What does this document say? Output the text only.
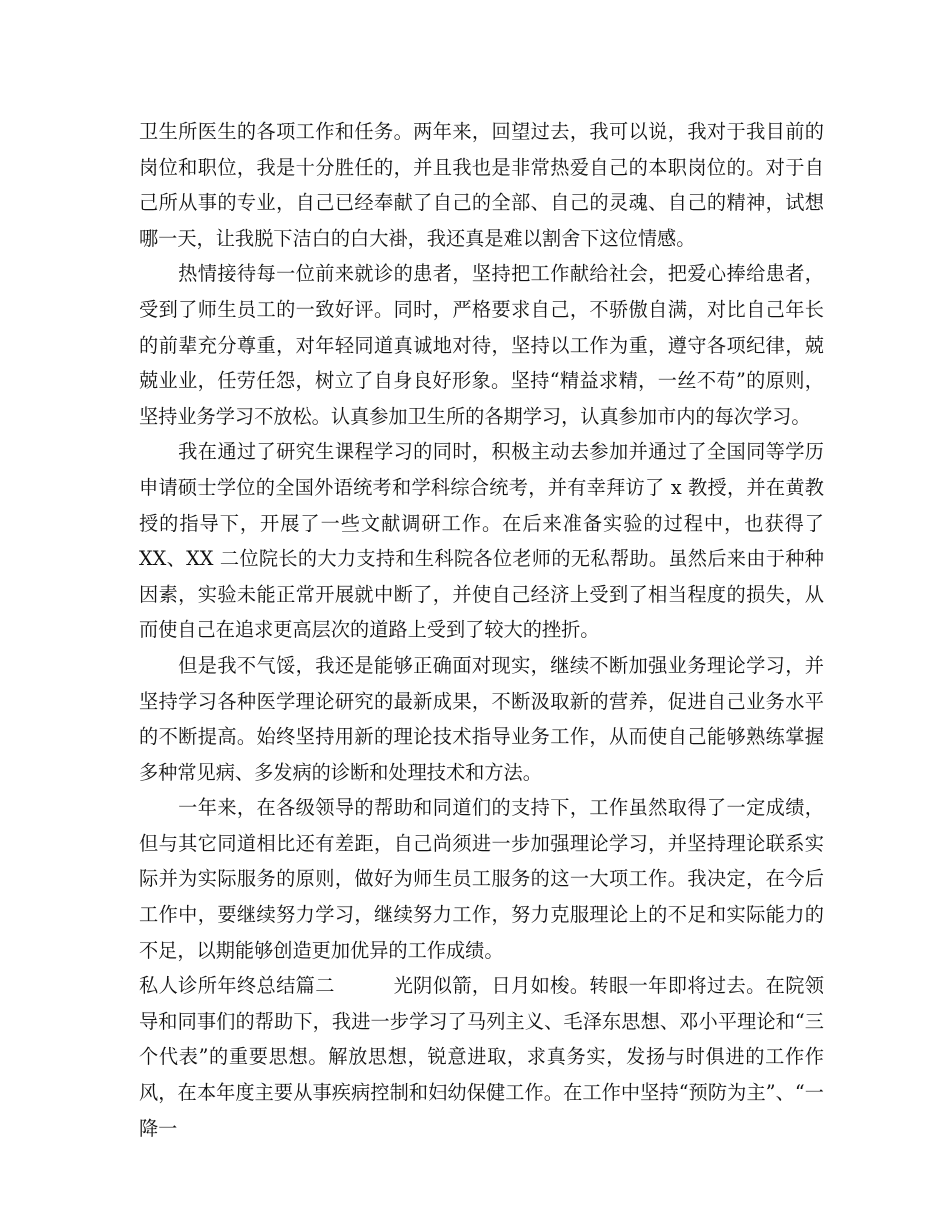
卫生所医生的各项工作和任务。两年来，回望过去，我可以说，我对于我目前的岗位和职位，我是十分胜任的，并且我也是非常热爱自己的本职岗位的。对于自己所从事的专业，自己已经奉献了自己的全部、自己的灵魂、自己的精神，试想哪一天，让我脱下洁白的白大褂，我还真是难以割舍下这位情感。

　　热情接待每一位前来就诊的患者，坚持把工作献给社会，把爱心捧给患者，受到了师生员工的一致好评。同时，严格要求自己，不骄傲自满，对比自己年长的前辈充分尊重，对年轻同道真诚地对待，坚持以工作为重，遵守各项纪律，兢兢业业，任劳任怨，树立了自身良好形象。坚持“精益求精，一丝不苟”的原则，坚持业务学习不放松。认真参加卫生所的各期学习，认真参加市内的每次学习。

　　我在通过了研究生课程学习的同时，积极主动去参加并通过了全国同等学历申请硕士学位的全国外语统考和学科综合统考，并有幸拜访了 x 教授，并在黄教授的指导下，开展了一些文献调研工作。在后来准备实验的过程中，也获得了 XX、XX 二位院长的大力支持和生科院各位老师的无私帮助。虽然后来由于种种因素，实验未能正常开展就中断了，并使自己经济上受到了相当程度的损失，从而使自己在追求更高层次的道路上受到了较大的挫折。

　　但是我不气馁，我还是能够正确面对现实，继续不断加强业务理论学习，并坚持学习各种医学理论研究的最新成果，不断汲取新的营养，促进自己业务水平的不断提高。始终坚持用新的理论技术指导业务工作，从而使自己能够熟练掌握多种常见病、多发病的诊断和处理技术和方法。

　　一年来，在各级领导的帮助和同道们的支持下，工作虽然取得了一定成绩，但与其它同道相比还有差距，自己尚须进一步加强理论学习，并坚持理论联系实际并为实际服务的原则，做好为师生员工服务的这一大项工作。我决定，在今后工作中，要继续努力学习，继续努力工作，努力克服理论上的不足和实际能力的不足，以期能够创造更加优异的工作成绩。

私人诊所年终总结篇二　　　光阴似箭，日月如梭。转眼一年即将过去。在院领导和同事们的帮助下，我进一步学习了马列主义、毛泽东思想、邓小平理论和“三个代表”的重要思想。解放思想，锐意进取，求真务实，发扬与时俱进的工作作风，在本年度主要从事疾病控制和妇幼保健工作。在工作中坚持“预防为主”、“一降一
